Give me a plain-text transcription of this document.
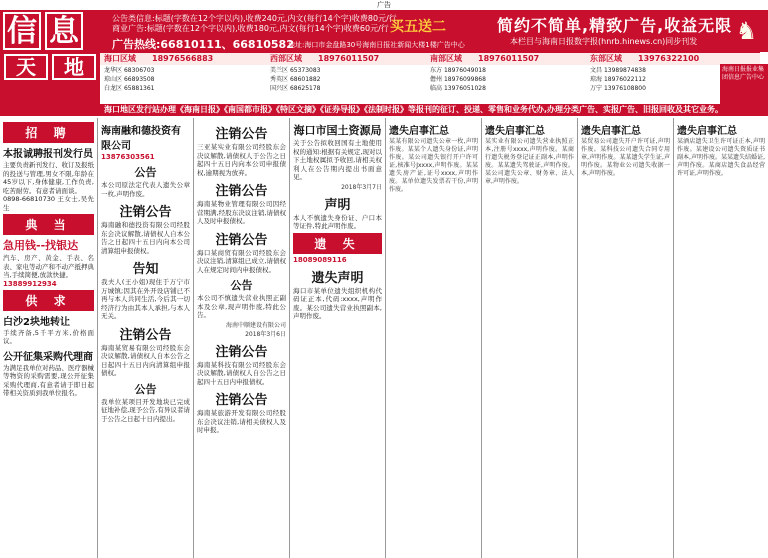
广告
信 息	公告类信息:标题(字数在12个字以内),收费240元,内文(每行14个字)收费80元/行
商业广告:标题(字数在12个字以内),收费180元,内文(每行14个字)收费60元/行
广告热线:66810111、66810582
地址:海口市金盘路30号海南日报社新闻大楼1楼广告中心
买五送二	简约不简单,精致广告,收益无限
本栏目与海南日报数字报(hnrb.hinews.cn)同步刊发	♞
天	地	海口区域 18976566883	西部区域 18976011507	南部区域 18976011507	东部区域 13976322100
龙华区 68306703
琼山区 66893508
白龙区 65881361
美兰区 65373083
秀英区 68601882
国兴区 68625178
东方 18976049018
儋州 18976099868
临高 13976051028
文昌 13989874838
琼海 18976022112
万宁 13976108800
海南日报报业集团信息广告中心
海口地区发行站办理《海南日报》《南国都市报》《特区文摘》《证券导报》《法制时报》等报刊的征订、投递、零售和业务代办,办理分类广告、实报广告、旧报回收及其它业务。
招 聘
本报诚聘报刊发行员
主要负责新刊发行、收订及报纸的投送与管理,男女不限,年龄在45岁以下,身体健康,工作负责,吃苦耐劳。有意者请面谈。
0898-66810730 王女士,吴先生
典 当
急用钱--找银达
汽车、房产、黄金、手表、名表、家电等动产和不动产抵押典当,手续简便,放款快捷。
13889912934
供 求
白沙2块地转让
手续齐备,5千平方米,价格面议。
公开征集采购代理商
为满足我单位对药品、医疗器械等物资的采购需要,现公开征集采购代理商,有意者请于即日起带相关资质到我单位报名。
海南融和德投资有限公司
13876303561
公告
本公司原法定代表人遗失公章一枚,声明作废。
注销公告
海南融和德投资有限公司经股东会决议解散,请债权人自本公告之日起四十五日内向本公司清算组申报债权。
告知
我夫人(王小姐)现住于万宁市万城镇;因其在外开设店铺已不再与本人共同生活,今后其一切经济行为由其本人承担,与本人无关。
注销公告
海南某贸易有限公司经股东会决议解散,请债权人自本公告之日起四十五日内向清算组申报债权。
公告
我单位某项目开发地块已完成征地补偿,现予公告,有异议者请于公告之日起十日内提出。
注销公告
三亚某实业有限公司经股东会决议解散,请债权人于公告之日起四十五日内向本公司申报债权,逾期视为放弃。
注销公告
海南某物业管理有限公司因经营期满,经股东决议注销,请债权人及时申报债权。
注销公告
海口某商贸有限公司经股东会决议注销,清算组已成立,请债权人在规定时间内申报债权。
公告
本公司不慎遗失营业执照正副本及公章,现声明作废,特此公告。
海南中顺建设有限公司
2018年3月6日
注销公告
海南某科技有限公司经股东会决议解散,请债权人自公告之日起四十五日内申报债权。
注销公告
海南某旅游开发有限公司经股东会决议注销,请相关债权人及时申报。
海口市国土资源局
关于公告拟收回国有土地使用权的通知:根据有关规定,现对以下土地权属拟予收回,请相关权利人在公告期内提出书面意见。
2018年3月7日
声明
本人不慎遗失身份证、户口本等证件,特此声明作废。
遗 失
18089089116
遗失声明
海口市某单位遗失组织机构代码证正本,代码:xxxx,声明作废。某公司遗失营业执照副本,声明作废。
遗失启事汇总
某某有限公司遗失公章一枚,声明作废。某某个人遗失身份证,声明作废。某公司遗失银行开户许可证,核准号Jxxxx,声明作废。某某遗失房产证,证号xxxx,声明作废。某单位遗失发票若干份,声明作废。
遗失启事汇总
某实业有限公司遗失营业执照正本,注册号xxxx,声明作废。某商行遗失税务登记证正副本,声明作废。某某遗失驾驶证,声明作废。某公司遗失公章、财务章、法人章,声明作废。
遗失启事汇总
某贸易公司遗失开户许可证,声明作废。某科技公司遗失合同专用章,声明作废。某某遗失学生证,声明作废。某物业公司遗失收据一本,声明作废。
遗失启事汇总
某酒店遗失卫生许可证正本,声明作废。某建设公司遗失资质证书副本,声明作废。某某遗失结婚证,声明作废。某商店遗失食品经营许可证,声明作废。
